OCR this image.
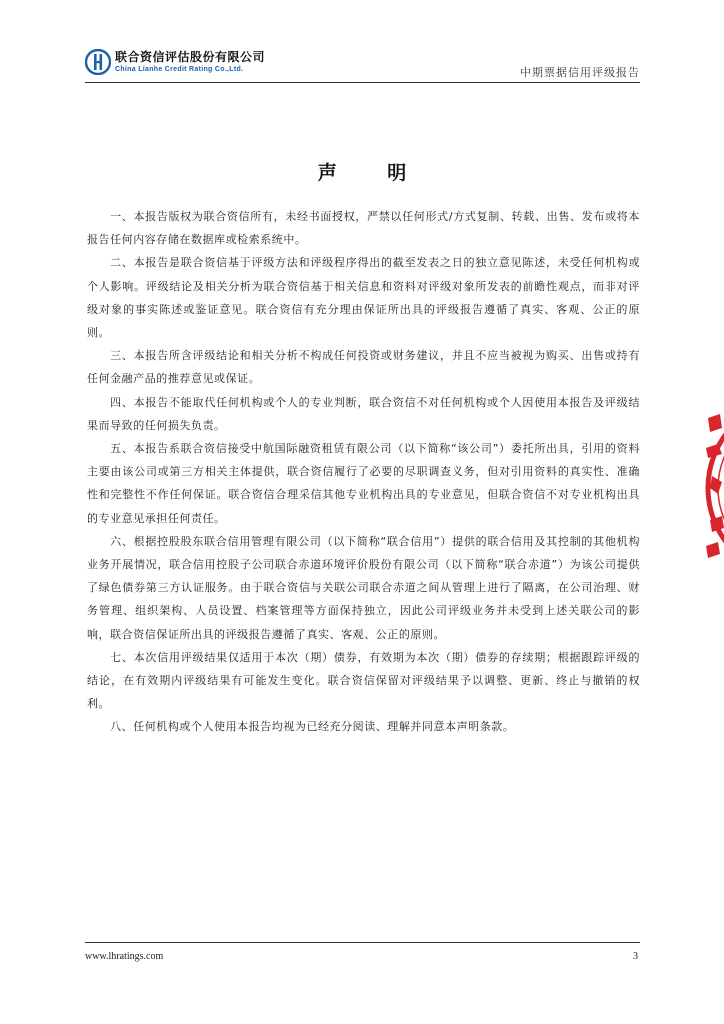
联合资信评估股份有限公司
China Lianhe Credit Rating Co.,Ltd.	中期票据信用评级报告
声 明

一、本报告版权为联合资信所有，未经书面授权，严禁以任何形式/方式复制、转载、出售、发布或将本报告任何内容存储在数据库或检索系统中。

二、本报告是联合资信基于评级方法和评级程序得出的截至发表之日的独立意见陈述，未受任何机构或个人影响。评级结论及相关分析为联合资信基于相关信息和资料对评级对象所发表的前瞻性观点，而非对评级对象的事实陈述或鉴证意见。联合资信有充分理由保证所出具的评级报告遵循了真实、客观、公正的原则。

三、本报告所含评级结论和相关分析不构成任何投资或财务建议，并且不应当被视为购买、出售或持有任何金融产品的推荐意见或保证。

四、本报告不能取代任何机构或个人的专业判断，联合资信不对任何机构或个人因使用本报告及评级结果而导致的任何损失负责。

五、本报告系联合资信接受中航国际融资租赁有限公司（以下简称“该公司”）委托所出具，引用的资料主要由该公司或第三方相关主体提供，联合资信履行了必要的尽职调查义务，但对引用资料的真实性、准确性和完整性不作任何保证。联合资信合理采信其他专业机构出具的专业意见，但联合资信不对专业机构出具的专业意见承担任何责任。

六、根据控股股东联合信用管理有限公司（以下简称“联合信用”）提供的联合信用及其控制的其他机构业务开展情况，联合信用控股子公司联合赤道环境评价股份有限公司（以下简称“联合赤道”）为该公司提供了绿色债券第三方认证服务。由于联合资信与关联公司联合赤道之间从管理上进行了隔离，在公司治理、财务管理、组织架构、人员设置、档案管理等方面保持独立，因此公司评级业务并未受到上述关联公司的影响，联合资信保证所出具的评级报告遵循了真实、客观、公正的原则。

七、本次信用评级结果仅适用于本次（期）债券，有效期为本次（期）债券的存续期；根据跟踪评级的结论，在有效期内评级结果有可能发生变化。联合资信保留对评级结果予以调整、更新、终止与撤销的权利。

八、任何机构或个人使用本报告均视为已经充分阅读、理解并同意本声明条款。

www.lhratings.com	3
